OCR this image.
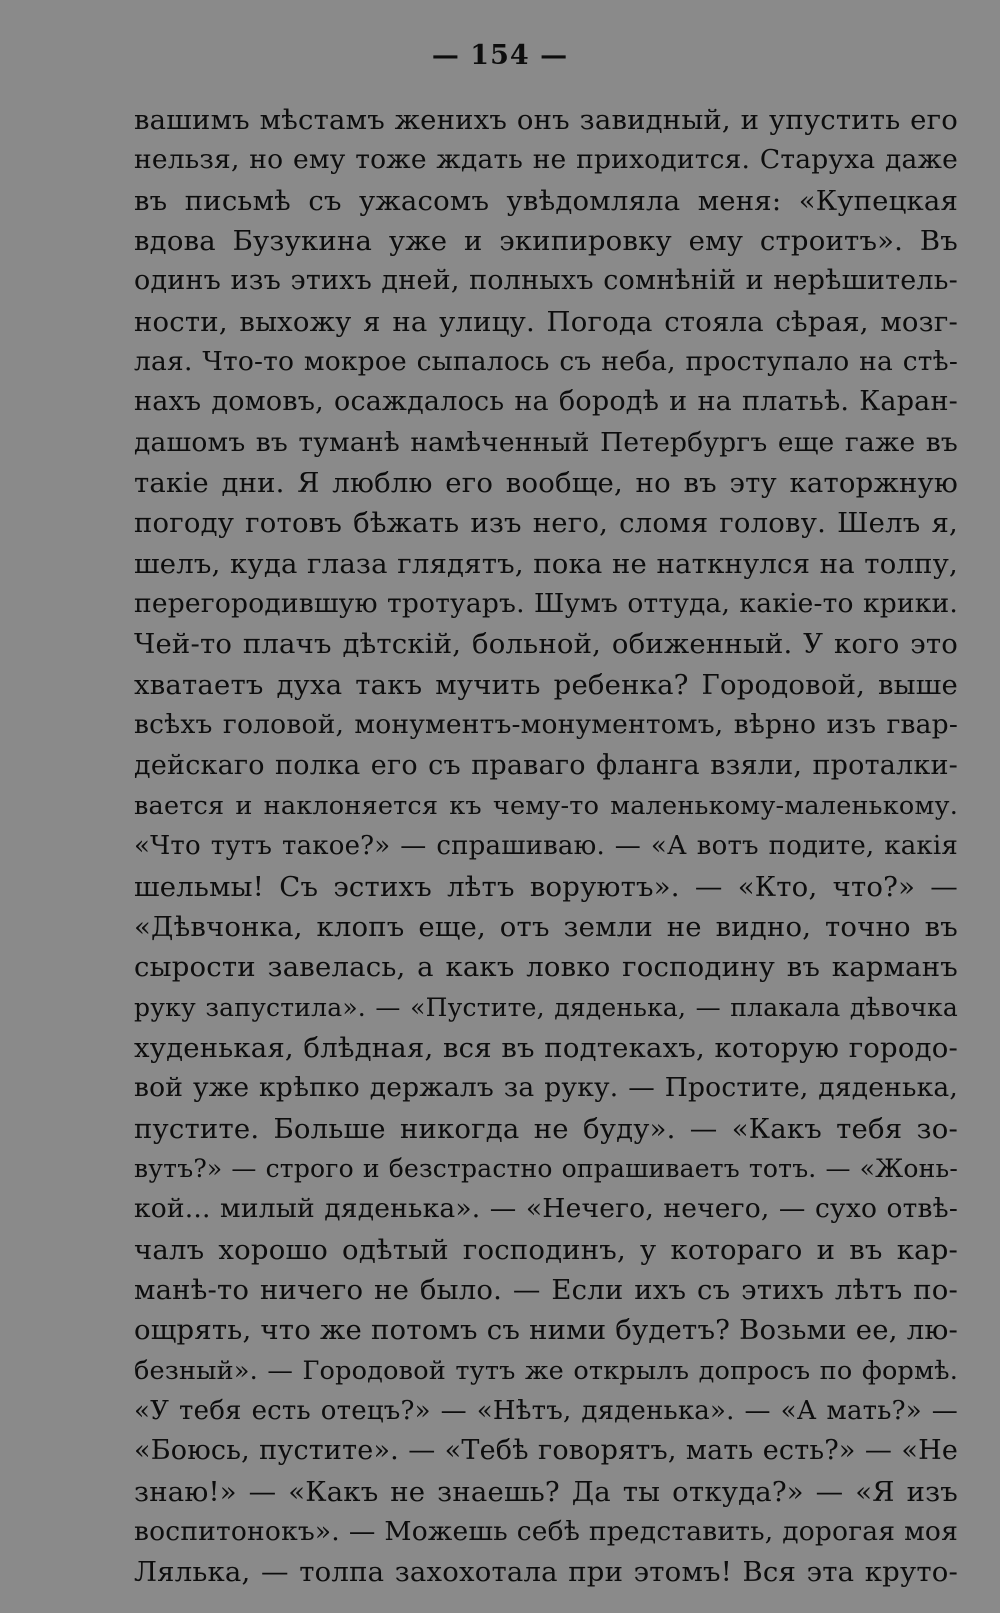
— 154 —
вашимъ мѣстамъ женихъ онъ завидный, и упустить его
нельзя, но ему тоже ждать не приходится. Старуха даже
въ письмѣ съ ужасомъ увѣдомляла меня: «Купецкая
вдова Бузукина уже и экипировку ему строитъ». Въ
одинъ изъ этихъ дней, полныхъ сомнѣній и нерѣшитель-
ности, выхожу я на улицу. Погода стояла сѣрая, мозг-
лая. Что-то мокрое сыпалось съ неба, проступало на стѣ-
нахъ домовъ, осаждалось на бородѣ и на платьѣ. Каран-
дашомъ въ туманѣ намѣченный Петербургъ еще гаже въ
такіе дни. Я люблю его вообще, но въ эту каторжную
погоду готовъ бѣжать изъ него, сломя голову. Шелъ я,
шелъ, куда глаза глядятъ, пока не наткнулся на толпу,
перегородившую тротуаръ. Шумъ оттуда, какіе-то крики.
Чей-то плачъ дѣтскій, больной, обиженный. У кого это
хватаетъ духа такъ мучить ребенка? Городовой, выше
всѣхъ головой, монументъ-монументомъ, вѣрно изъ гвар-
дейскаго полка его съ праваго фланга взяли, проталки-
вается и наклоняется къ чему-то маленькому-маленькому.
«Что тутъ такое?» — спрашиваю. — «А вотъ подите, какія
шельмы! Съ эстихъ лѣтъ воруютъ». — «Кто, что?» —
«Дѣвчонка, клопъ еще, отъ земли не видно, точно въ
сырости завелась, а какъ ловко господину въ карманъ
руку запустила». — «Пустите, дяденька, — плакала дѣвочка
худенькая, блѣдная, вся въ подтекахъ, которую городо-
вой уже крѣпко держалъ за руку. — Простите, дяденька,
пустите. Больше никогда не буду». — «Какъ тебя зо-
вутъ?» — строго и безстрастно опрашиваетъ тотъ. — «Жонь-
кой... милый дяденька». — «Нечего, нечего, — сухо отвѣ-
чалъ хорошо одѣтый господинъ, у котораго и въ кар-
манѣ-то ничего не было. — Если ихъ съ этихъ лѣтъ по-
ощрять, что же потомъ съ ними будетъ? Возьми ее, лю-
безный». — Городовой тутъ же открылъ допросъ по формѣ.
«У тебя есть отецъ?» — «Нѣтъ, дяденька». — «А мать?» —
«Боюсь, пустите». — «Тебѣ говорятъ, мать есть?» — «Не
знаю!» — «Какъ не знаешь? Да ты откуда?» — «Я изъ
воспитонокъ». — Можешь себѣ представить, дорогая моя
Лялька, — толпа захохотала при этомъ! Вся эта круто-
